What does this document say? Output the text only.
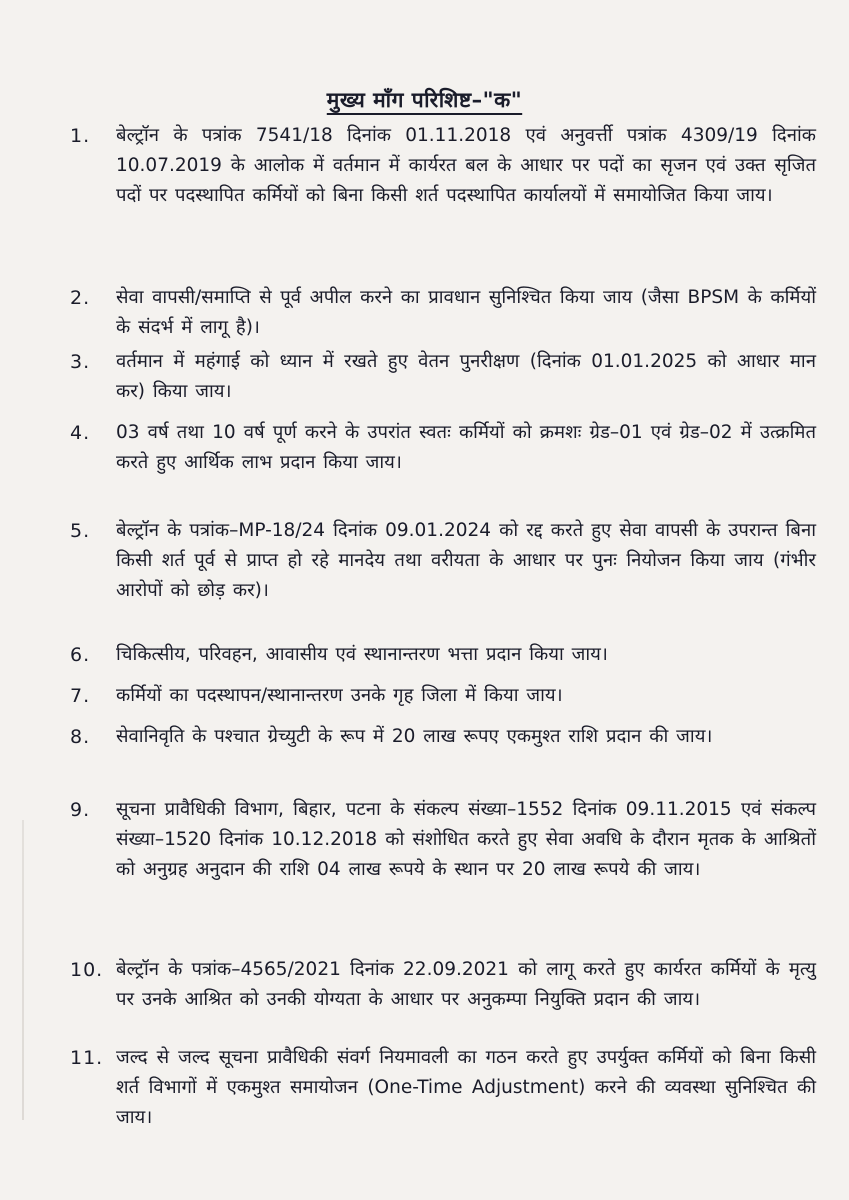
मुख्य माँग परिशिष्ट–"क"
1.	बेल्ट्रॉन के पत्रांक 7541/18 दिनांक 01.11.2018 एवं अनुवर्त्ती पत्रांक 4309/19 दिनांक 10.07.2019 के आलोक में वर्तमान में कार्यरत बल के आधार पर पदों का सृजन एवं उक्त सृजित पदों पर पदस्थापित कर्मियों को बिना किसी शर्त पदस्थापित कार्यालयों में समायोजित किया जाय।
2.	सेवा वापसी/समाप्ति से पूर्व अपील करने का प्रावधान सुनिश्चित किया जाय (जैसा BPSM के कर्मियों के संदर्भ में लागू है)।
3.	वर्तमान में महंगाई को ध्यान में रखते हुए वेतन पुनरीक्षण (दिनांक 01.01.2025 को आधार मान कर) किया जाय।
4.	03 वर्ष तथा 10 वर्ष पूर्ण करने के उपरांत स्वतः कर्मियों को क्रमशः ग्रेड–01 एवं ग्रेड–02 में उत्क्रमित करते हुए आर्थिक लाभ प्रदान किया जाय।
5.	बेल्ट्रॉन के पत्रांक–MP-18/24 दिनांक 09.01.2024 को रद्द करते हुए सेवा वापसी के उपरान्त बिना किसी शर्त पूर्व से प्राप्त हो रहे मानदेय तथा वरीयता के आधार पर पुनः नियोजन किया जाय (गंभीर आरोपों को छोड़ कर)।
6.	चिकित्सीय, परिवहन, आवासीय एवं स्थानान्तरण भत्ता प्रदान किया जाय।
7.	कर्मियों का पदस्थापन/स्थानान्तरण उनके गृह जिला में किया जाय।
8.	सेवानिवृति के पश्चात ग्रेच्युटी के रूप में 20 लाख रूपए एकमुश्त राशि प्रदान की जाय।
9.	सूचना प्रावैधिकी विभाग, बिहार, पटना के संकल्प संख्या–1552 दिनांक 09.11.2015 एवं संकल्प संख्या–1520 दिनांक 10.12.2018 को संशोधित करते हुए सेवा अवधि के दौरान मृतक के आश्रितों को अनुग्रह अनुदान की राशि 04 लाख रूपये के स्थान पर 20 लाख रूपये की जाय।
10. बेल्ट्रॉन के पत्रांक–4565/2021 दिनांक 22.09.2021 को लागू करते हुए कार्यरत कर्मियों के मृत्यु पर उनके आश्रित को उनकी योग्यता के आधार पर अनुकम्पा नियुक्ति प्रदान की जाय।
11. जल्द से जल्द सूचना प्रावैधिकी संवर्ग नियमावली का गठन करते हुए उपर्युक्त कर्मियों को बिना किसी शर्त विभागों में एकमुश्त समायोजन (One-Time Adjustment) करने की व्यवस्था सुनिश्चित की जाय।
